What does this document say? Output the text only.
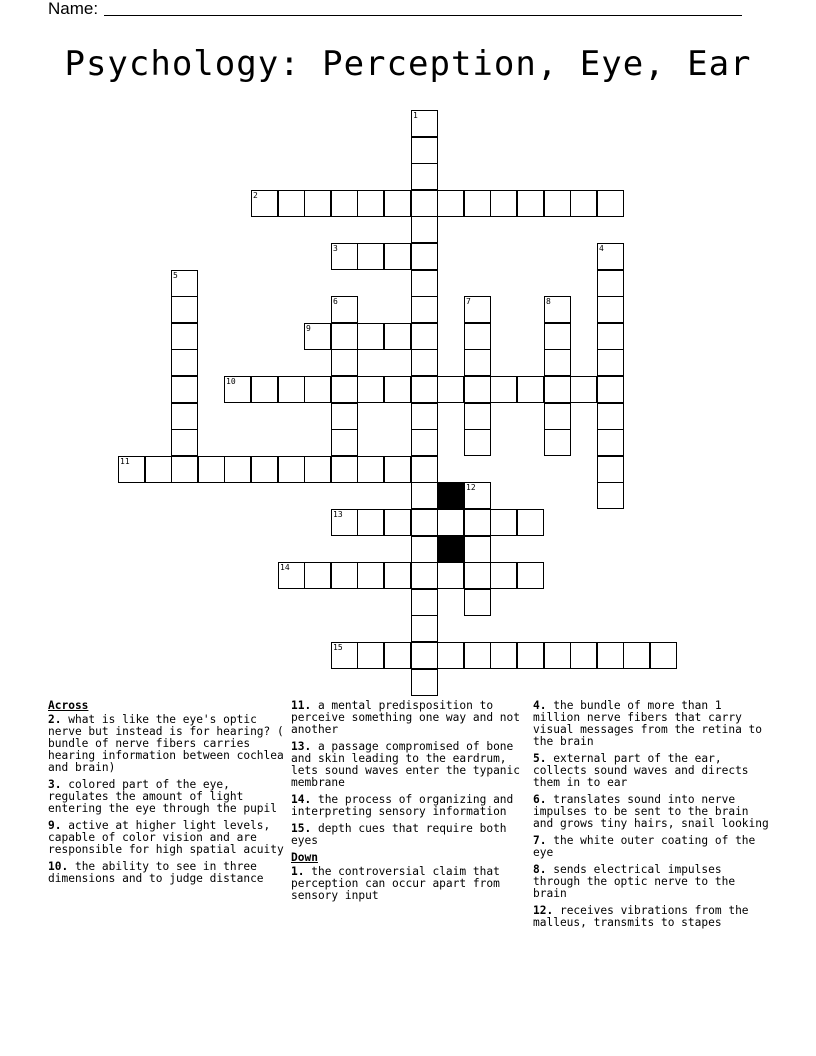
Name:
Psychology: Perception, Eye, Ear
2
3
9
10
11
13
14
15
1
4
5
6	7	8
12
Across
2. what is like the eye's optic nerve but instead is for hearing? ( bundle of nerve fibers carries hearing information between cochlea and brain)
3. colored part of the eye, regulates the amount of light entering the eye through the pupil
9. active at higher light levels, capable of color vision and are responsible for high spatial acuity
10. the ability to see in three dimensions and to judge distance
11. a mental predisposition to perceive something one way and not another
13. a passage compromised of bone and skin leading to the eardrum, lets sound waves enter the typanic membrane
14. the process of organizing and interpreting sensory information
15. depth cues that require both eyes
Down
1. the controversial claim that perception can occur apart from sensory input
4. the bundle of more than 1 million nerve fibers that carry visual messages from the retina to the brain
5. external part of the ear, collects sound waves and directs them in to ear
6. translates sound into nerve impulses to be sent to the brain and grows tiny hairs, snail looking
7. the white outer coating of the eye
8. sends electrical impulses through the optic nerve to the brain
12. receives vibrations from the malleus, transmits to stapes
